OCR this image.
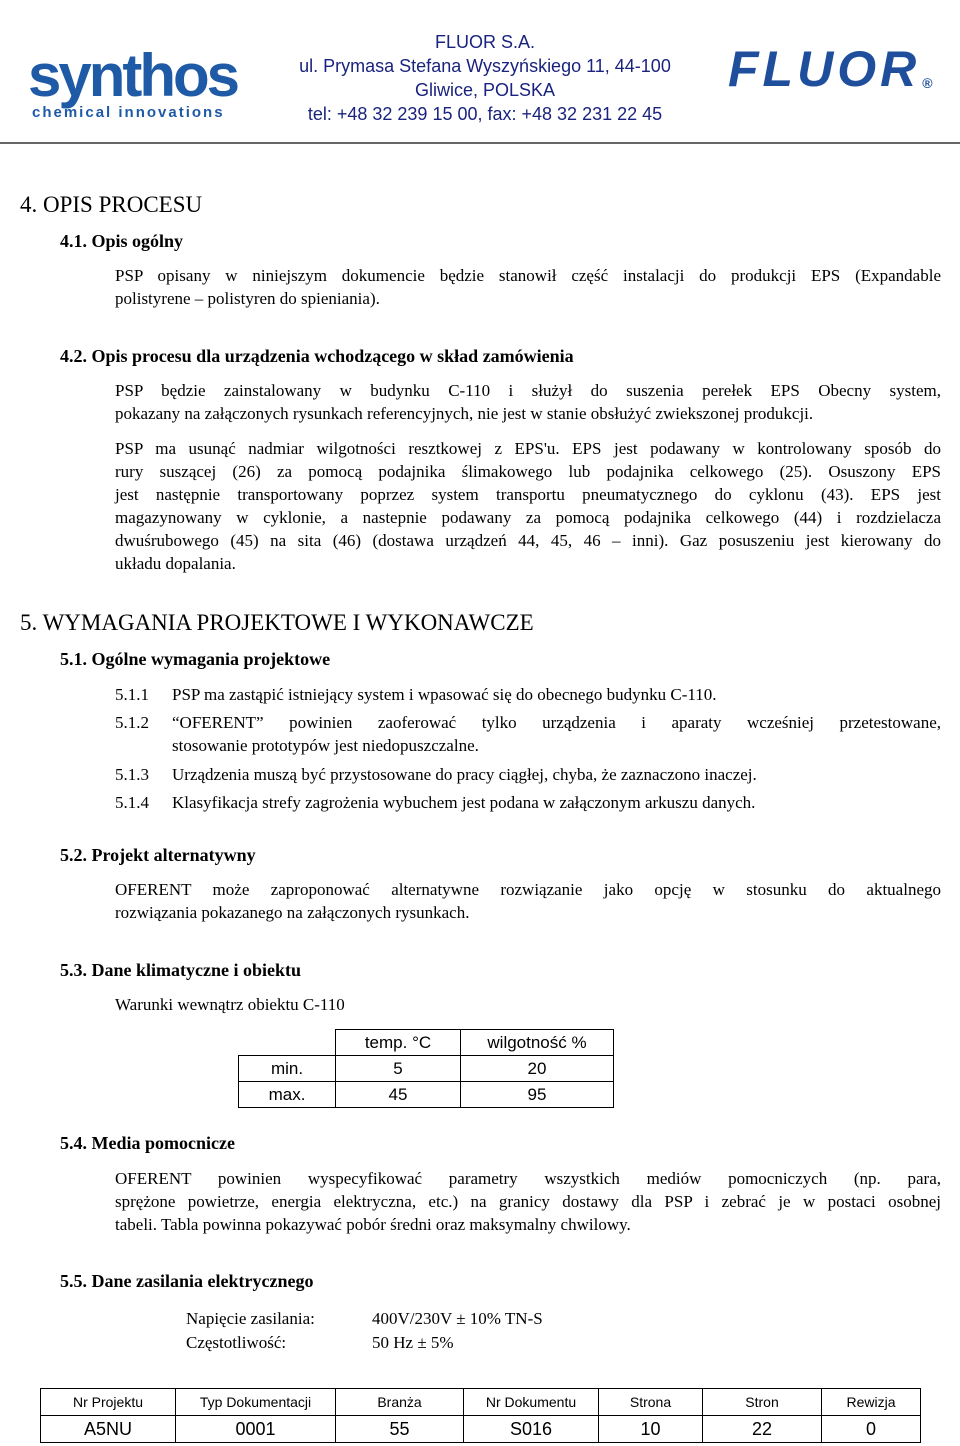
synthos
chemical innovations
FLUOR S.A.
ul. Prymasa Stefana Wyszyńskiego 11, 44-100
Gliwice, POLSKA
tel: +48 32 239 15 00, fax: +48 32 231 22 45
FLUOR ®
4. OPIS PROCESU
4.1. Opis ogólny
PSP opisany w niniejszym dokumencie będzie stanowił część instalacji do produkcji EPS (Expandable
polistyrene – polistyren do spieniania).
4.2. Opis procesu dla urządzenia wchodzącego w skład zamówienia
PSP będzie zainstalowany w budynku C-110 i służył do suszenia perełek EPS Obecny system,
pokazany na załączonych rysunkach referencyjnych, nie jest w stanie obsłużyć zwiekszonej produkcji.
PSP ma usunąć nadmiar wilgotności resztkowej z EPS'u. EPS jest podawany w kontrolowany sposób do
rury suszącej (26) za pomocą podajnika ślimakowego lub podajnika celkowego (25). Osuszony EPS
jest następnie transportowany poprzez system transportu pneumatycznego do cyklonu (43). EPS jest
magazynowany w cyklonie, a nastepnie podawany za pomocą podajnika celkowego (44) i rozdzielacza
dwuśrubowego (45) na sita (46) (dostawa urządzeń 44, 45, 46 – inni). Gaz posuszeniu jest kierowany do
układu dopalania.
5. WYMAGANIA PROJEKTOWE I WYKONAWCZE
5.1. Ogólne wymagania projektowe
5.1.1 PSP ma zastąpić istniejący system i wpasować się do obecnego budynku C-110.
5.1.2 “OFERENT” powinien zaoferować tylko urządzenia i aparaty wcześniej przetestowane,
stosowanie prototypów jest niedopuszczalne.
5.1.3 Urządzenia muszą być przystosowane do pracy ciągłej, chyba, że zaznaczono inaczej.
5.1.4 Klasyfikacja strefy zagrożenia wybuchem jest podana w załączonym arkuszu danych.
5.2. Projekt alternatywny
OFERENT może zaproponować alternatywne rozwiązanie jako opcję w stosunku do aktualnego
rozwiązania pokazanego na załączonych rysunkach.
5.3. Dane klimatyczne i obiektu
Warunki wewnątrz obiektu C-110
	temp. °C	wilgotność %
min.	5	20
max.	45	95
5.4. Media pomocnicze
OFERENT powinien wyspecyfikować parametry wszystkich mediów pomocniczych (np. para,
sprężone powietrze, energia elektryczna, etc.) na granicy dostawy dla PSP i zebrać je w postaci osobnej
tabeli. Tabla powinna pokazywać pobór średni oraz maksymalny chwilowy.
5.5. Dane zasilania elektrycznego
Napięcie zasilania:	400V/230V ± 10% TN-S
Częstotliwość:	50 Hz ± 5%
Nr Projektu	Typ Dokumentacji	Branża	Nr Dokumentu	Strona	Stron	Rewizja
A5NU	0001	55	S016	10	22	0
